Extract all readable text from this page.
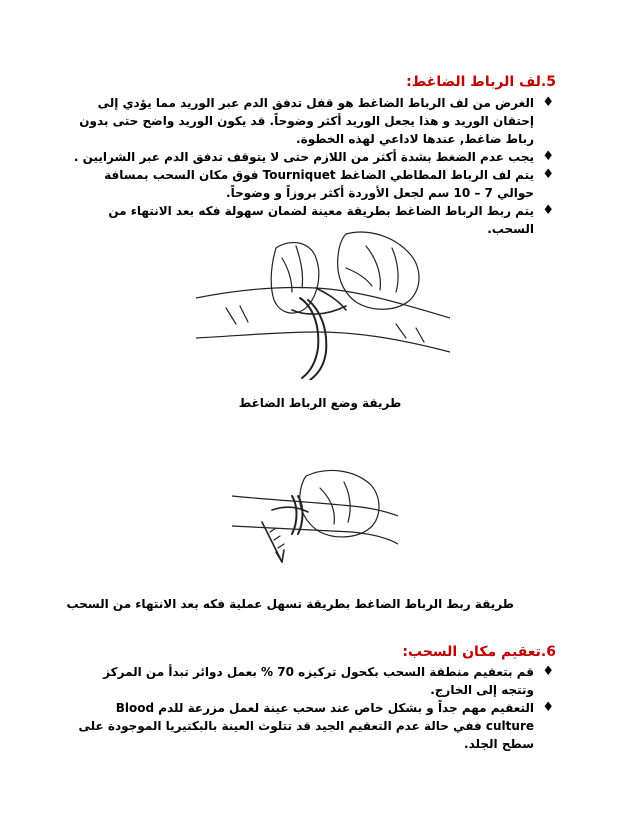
5.لف الرباط الضاغط:
♦
الغرض من لف الرباط الضاغط هو قفل تدفق الدم عبر الوريد مما يؤدي إلى إحتقان الوريد و هذا يجعل الوريد أكثر وضوحاً. قد يكون الوريد واضح حتى بدون رباط ضاغط, عندها لاداعي لهذه الخطوة.
♦
يجب عدم الضغط بشدة أكثر من اللازم حتى لا يتوقف تدفق الدم عبر الشرايين .
♦
يتم لف الرباط المطاطي الضاغط Tourniquet فوق مكان السحب بمسافة حوالي 7 – 10 سم لجعل الأوردة أكثر بروزاً و وضوحاً.
♦
يتم ربط الرباط الضاغط بطريقة معينة لضمان سهولة فكه بعد الانتهاء من السحب.
طريقة وضع الرباط الضاغط
طريقة ربط الرباط الضاغط بطريقة تسهل عملية فكه بعد الانتهاء من السحب
6.تعقيم مكان السحب:
♦
قم بتعقيم منطقة السحب بكحول تركيزه 70 % بعمل دوائر تبدأ من المركز وتتجه إلى الخارج.
♦
التعقيم مهم جداً و بشكل خاص عند سحب عينة لعمل مزرعة للدم Blood culture ففي حالة عدم التعقيم الجيد قد تتلوث العينة بالبكتيريا الموجودة على سطح الجلد.
